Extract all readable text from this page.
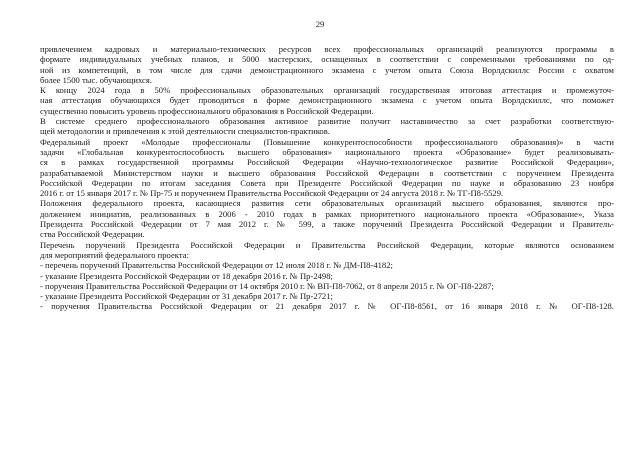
29
привлечением кадровых и материально-технических ресурсов всех профессиональных организаций реализуются программы в
формате индивидуальных учебных планов, и 5000 мастерских, оснащенных в соответствии с современными требованиями по од-
ной из компетенций, в том числе для сдачи демонстрационного экзамена с учетом опыта Союза Ворлдскиллс России с охватом
более 1500 тыс. обучающихся.
К концу 2024 года в 50% профессиональных образовательных организаций государственная итоговая аттестация и промежуточ-
ная аттестация обучающихся будет проводиться в форме демонстрационного экзамена с учетом опыта Ворлдскиллс, что поможет
существенно повысить уровень профессионального образования в Российской Федерации.
В системе среднего профессионального образования активное развитие получит наставничество за счет разработки соответствую-
щей методологии и привлечения к этой деятельности специалистов-практиков.
Федеральный проект «Молодые профессионалы (Повышение конкурентоспособности профессионального образования)» в части
задачи «Глобальная конкурентоспособность высшего образования» национального проекта «Образование» будет реализовывать-
ся в рамках государственной программы Российской Федерации «Научно-технологическое развитие Российской Федерации»,
разрабатываемой Министерством науки и высшего образования Российской Федерации в соответствии с поручением Президента
Российской Федерации по итогам заседания Совета при Президенте Российской Федерации по науке и образованию 23 ноября
2016 г. от 15 января 2017 г. № Пр-75 и поручением Правительства Российской Федерации от 24 августа 2018 г. № ТГ-П8-5529.
Положения федерального проекта, касающиеся развития сети образовательных организаций высшего образования, являются про-
должением инициатив, реализованных в 2006 - 2010 годах в рамках приоритетного национального проекта «Образование», Указа
Президента Российской Федерации от 7 мая 2012 г. № 599, а также поручений Президента Российской Федерации и Правитель-
ства Российской Федерации.
Перечень поручений Президента Российской Федерации и Правительства Российской Федерации, которые являются основанием
для мероприятий федерального проекта:
- перечень поручений Правительства Российской Федерации от 12 июля 2018 г. № ДМ-П8-4182;
- указание Президента Российской Федерации от 18 декабря 2016 г. № Пр-2498;
- поручения Правительства Российской Федерации от 14 октября 2010 г. № ВП-П8-7062, от 8 апреля 2015 г. № ОГ-П8-2287;
- указание Президента Российской Федерации от 31 декабря 2017 г. № Пр-2721;
- поручения Правительства Российской Федерации от 21 декабря 2017 г. № ОГ-П8-8561, от 16 января 2018 г. № ОГ-П8-128.
